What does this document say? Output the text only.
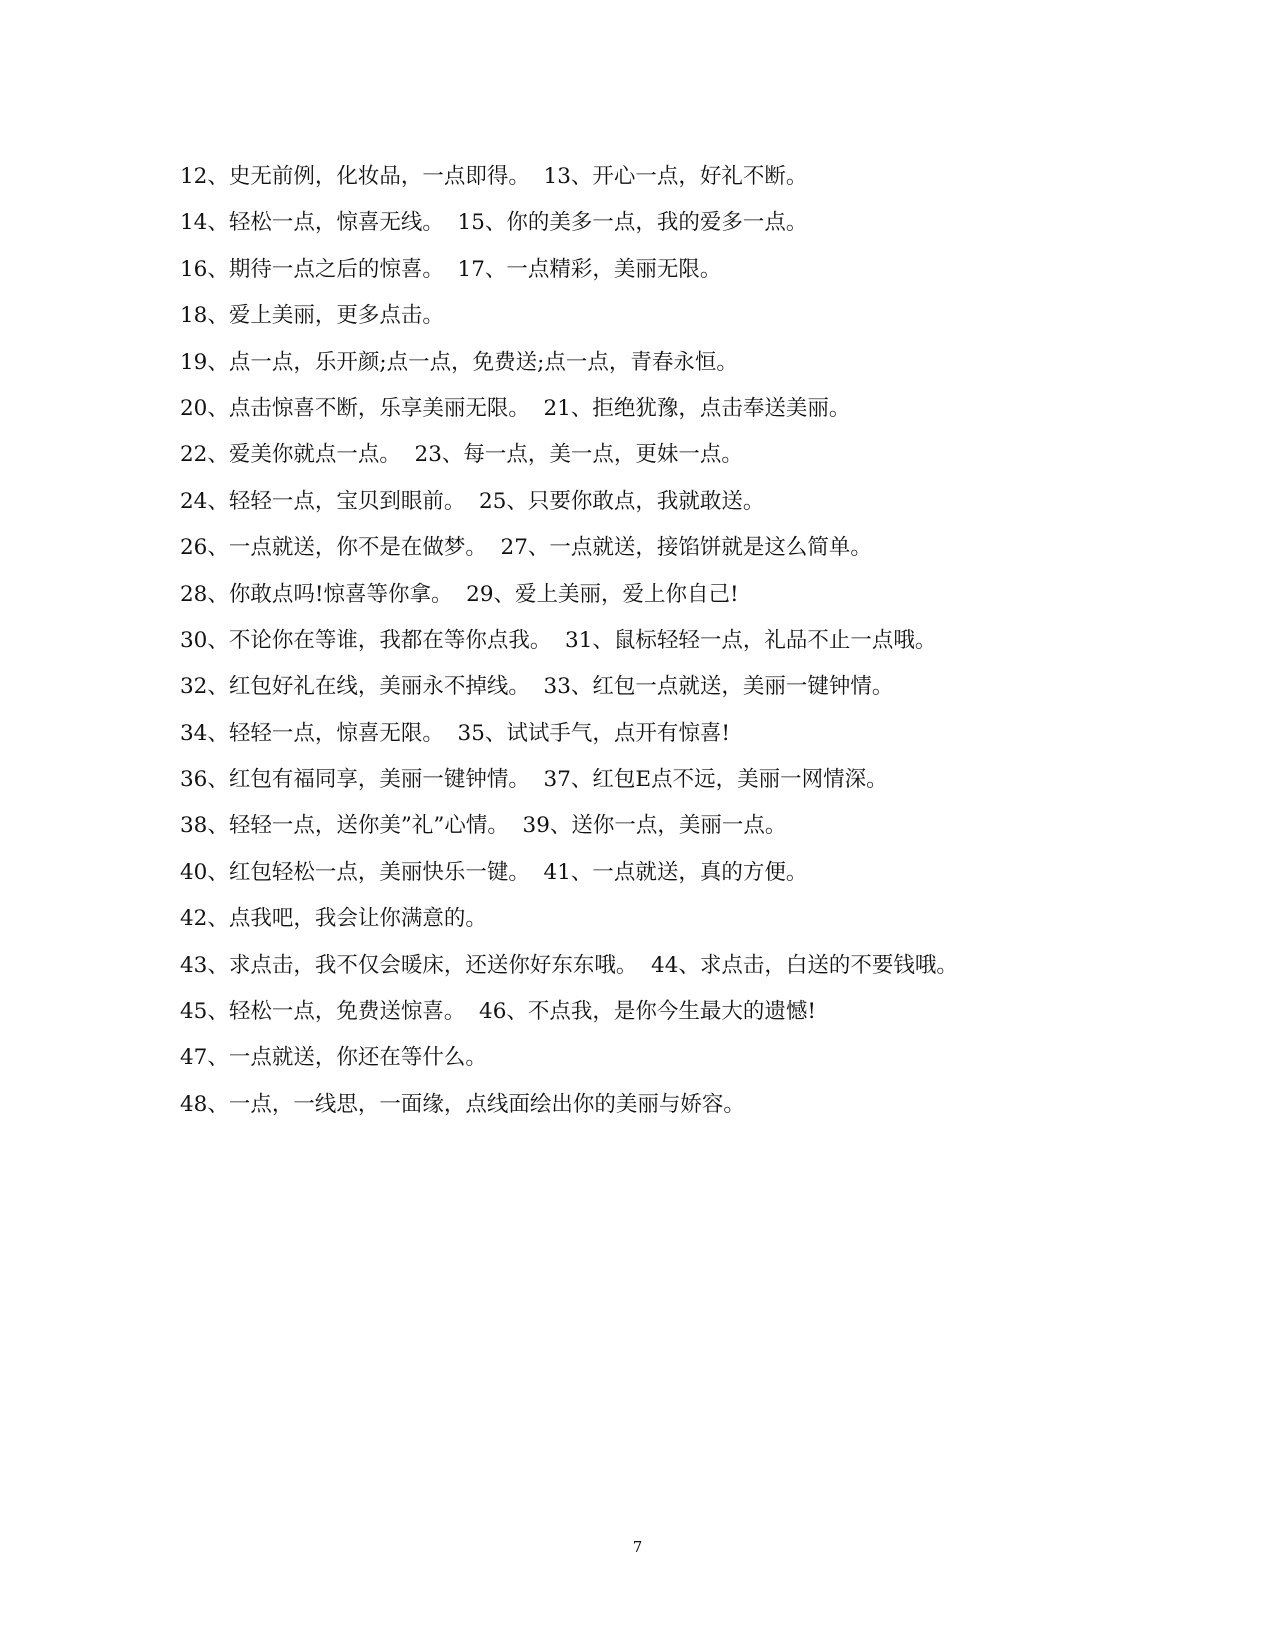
12、史无前例，化妆品，一点即得。  13、开心一点，好礼不断。
14、轻松一点，惊喜无线。  15、你的美多一点，我的爱多一点。
16、期待一点之后的惊喜。  17、一点精彩，美丽无限。
18、爱上美丽，更多点击。
19、点一点，乐开颜;点一点，免费送;点一点，青春永恒。
20、点击惊喜不断，乐享美丽无限。  21、拒绝犹豫，点击奉送美丽。
22、爱美你就点一点。  23、每一点，美一点，更妹一点。
24、轻轻一点，宝贝到眼前。  25、只要你敢点，我就敢送。
26、一点就送，你不是在做梦。  27、一点就送，接馅饼就是这么简单。
28、你敢点吗!惊喜等你拿。  29、爱上美丽，爱上你自己!
30、不论你在等谁，我都在等你点我。  31、鼠标轻轻一点，礼品不止一点哦。
32、红包好礼在线，美丽永不掉线。  33、红包一点就送，美丽一键钟情。
34、轻轻一点，惊喜无限。  35、试试手气，点开有惊喜!
36、红包有福同享，美丽一键钟情。  37、红包E点不远，美丽一网情深。
38、轻轻一点，送你美”礼”心情。  39、送你一点，美丽一点。
40、红包轻松一点，美丽快乐一键。  41、一点就送，真的方便。
42、点我吧，我会让你满意的。
43、求点击，我不仅会暖床，还送你好东东哦。  44、求点击，白送的不要钱哦。
45、轻松一点，免费送惊喜。  46、不点我，是你今生最大的遗憾!
47、一点就送，你还在等什么。
48、一点，一线思，一面缘，点线面绘出你的美丽与娇容。
7
